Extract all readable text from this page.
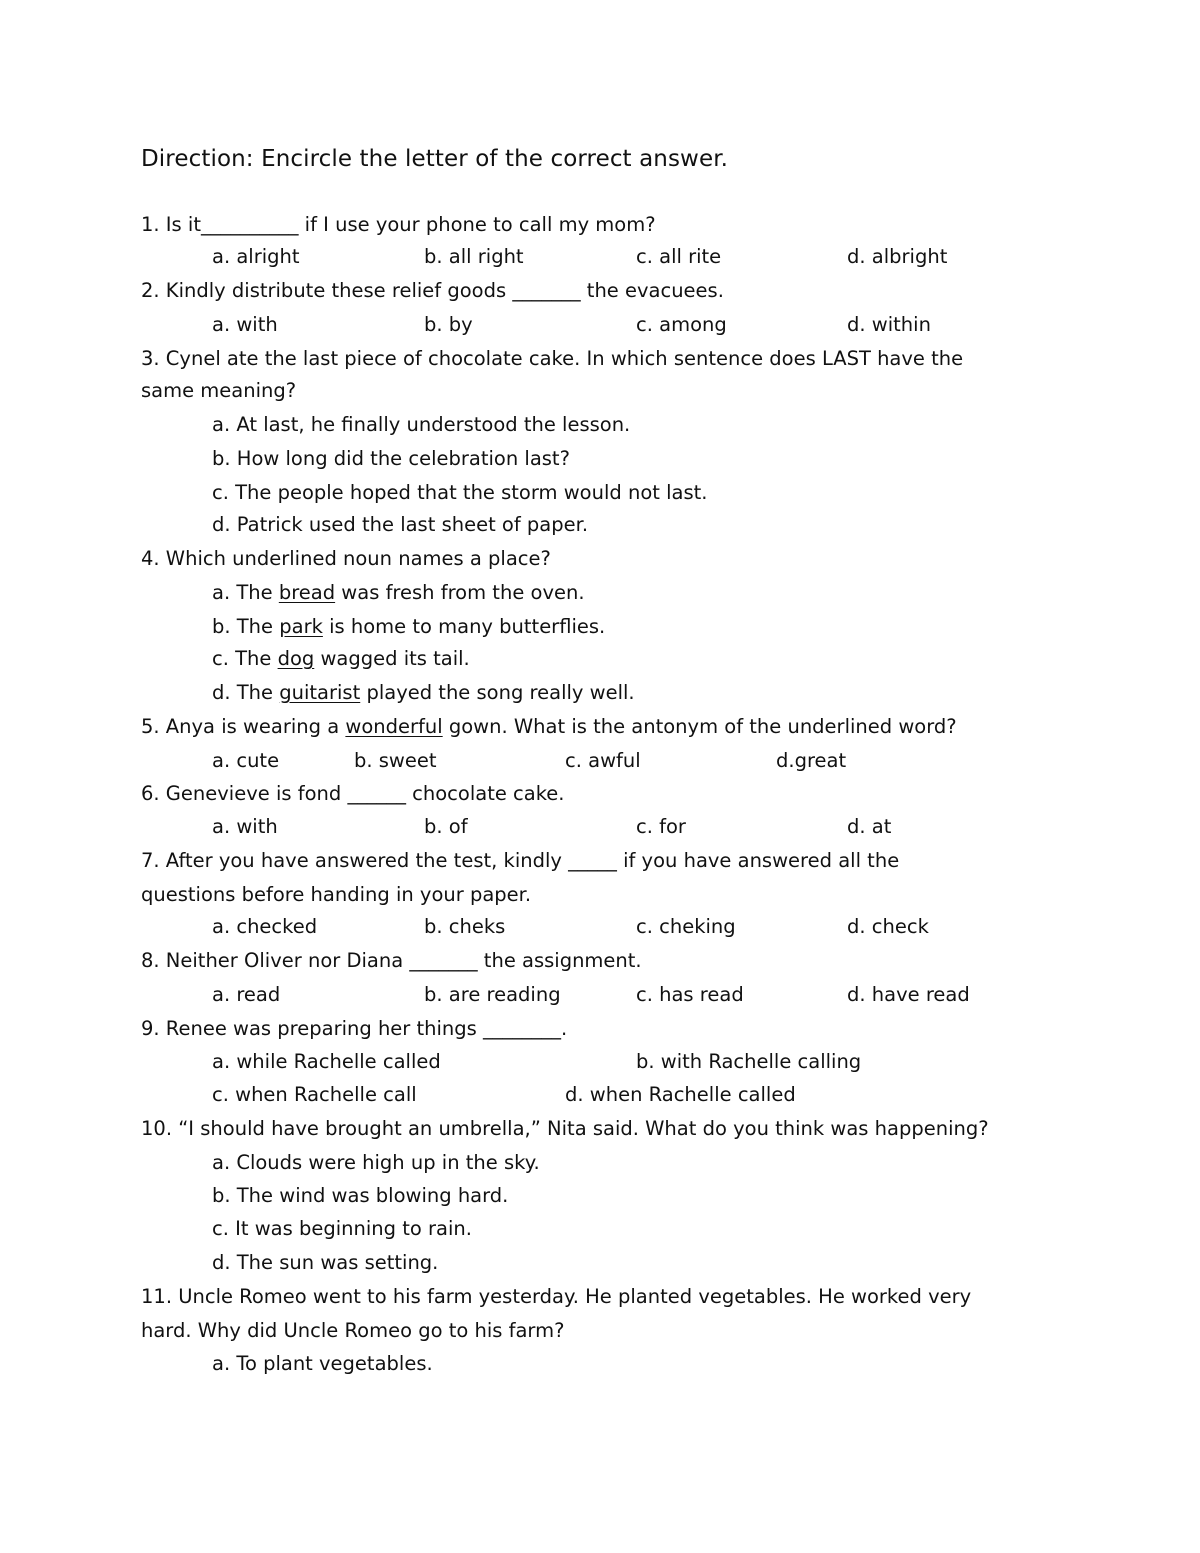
Direction: Encircle the letter of the correct answer.
1. Is it__________ if I use your phone to call my mom?
a. alright	b. all right	c. all rite	d. albright
2. Kindly distribute these relief goods _______ the evacuees.
a. with	b. by	c. among	d. within
3. Cynel ate the last piece of chocolate cake. In which sentence does LAST have the
same meaning?
a. At last, he finally understood the lesson.
b. How long did the celebration last?
c. The people hoped that the storm would not last.
d. Patrick used the last sheet of paper.
4. Which underlined noun names a place?
a. The bread was fresh from the oven.
b. The park is home to many butterflies.
c. The dog wagged its tail.
d. The guitarist played the song really well.
5. Anya is wearing a wonderful gown. What is the antonym of the underlined word?
a. cute	b. sweet	c. awful	d.great
6. Genevieve is fond ______ chocolate cake.
a. with	b. of	c. for	d. at
7. After you have answered the test, kindly _____ if you have answered all the
questions before handing in your paper.
a. checked	b. cheks	c. cheking	d. check
8. Neither Oliver nor Diana _______ the assignment.
a. read	b. are reading	c. has read	d. have read
9. Renee was preparing her things ________.
a. while Rachelle called	b. with Rachelle calling
c. when Rachelle call	d. when Rachelle called
10. “I should have brought an umbrella,” Nita said. What do you think was happening?
a. Clouds were high up in the sky.
b. The wind was blowing hard.
c. It was beginning to rain.
d. The sun was setting.
11. Uncle Romeo went to his farm yesterday. He planted vegetables. He worked very
hard. Why did Uncle Romeo go to his farm?
a. To plant vegetables.
